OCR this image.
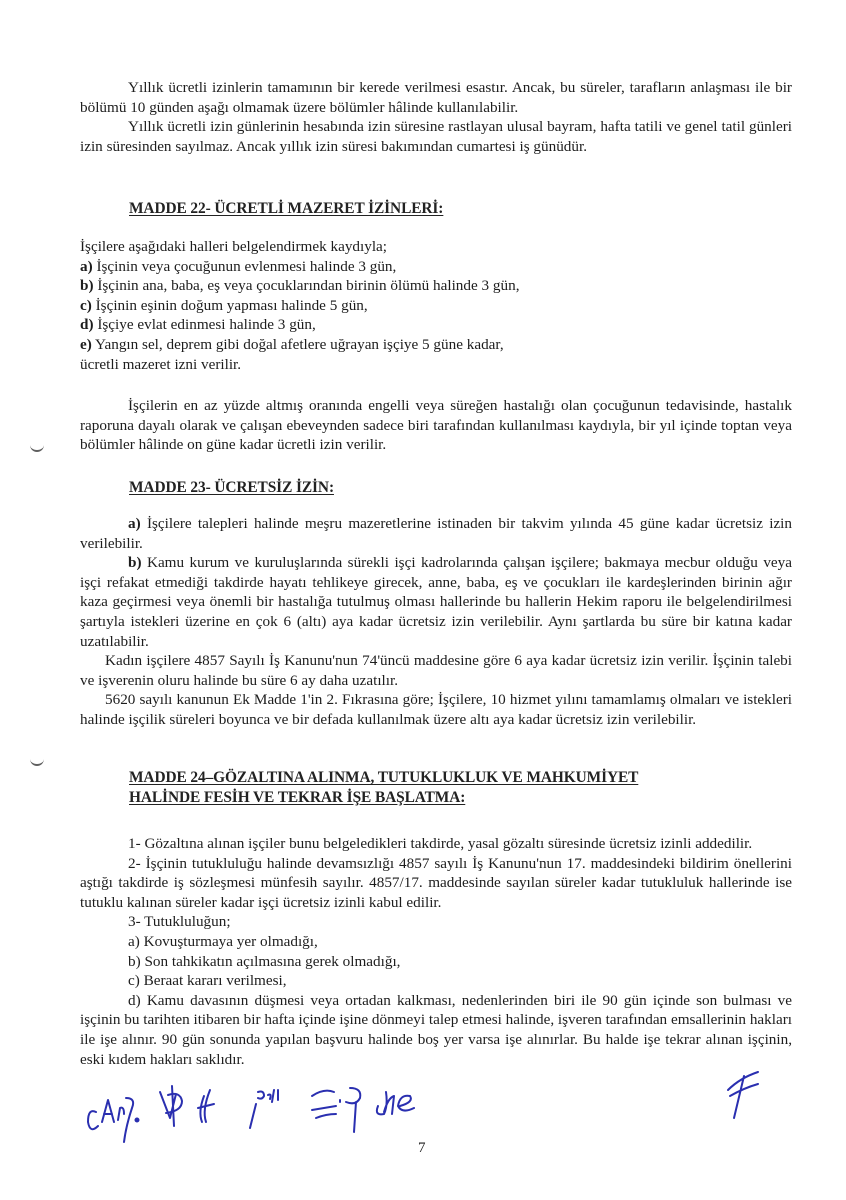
Yıllık ücretli izinlerin tamamının bir kerede verilmesi esastır. Ancak, bu süreler, tarafların anlaşması ile bir bölümü 10 günden aşağı olmamak üzere bölümler hâlinde kullanılabilir.

Yıllık ücretli izin günlerinin hesabında izin süresine rastlayan ulusal bayram, hafta tatili ve genel tatil günleri izin süresinden sayılmaz. Ancak yıllık izin süresi bakımından cumartesi iş günüdür.

MADDE 22- ÜCRETLİ MAZERET İZİNLERİ:
İşçilere aşağıdaki halleri belgelendirmek kaydıyla;
a) İşçinin veya çocuğunun evlenmesi halinde 3 gün,
b) İşçinin ana, baba, eş veya çocuklarından birinin ölümü halinde 3 gün,
c) İşçinin eşinin doğum yapması halinde 5 gün,
d) İşçiye evlat edinmesi halinde 3 gün,
e) Yangın sel, deprem gibi doğal afetlere uğrayan işçiye 5 güne kadar,
ücretli mazeret izni verilir.

İşçilerin en az yüzde altmış oranında engelli veya süreğen hastalığı olan çocuğunun tedavisinde, hastalık raporuna dayalı olarak ve çalışan ebeveynden sadece biri tarafından kullanılması kaydıyla, bir yıl içinde toptan veya bölümler hâlinde on güne kadar ücretli izin verilir.

MADDE 23- ÜCRETSİZ İZİN:

a) İşçilere talepleri halinde meşru mazeretlerine istinaden bir takvim yılında 45 güne kadar ücretsiz izin verilebilir.

b) Kamu kurum ve kuruluşlarında sürekli işçi kadrolarında çalışan işçilere; bakmaya mecbur olduğu veya işçi refakat etmediği takdirde hayatı tehlikeye girecek, anne, baba, eş ve çocukları ile kardeşlerinden birinin ağır kaza geçirmesi veya önemli bir hastalığa tutulmuş olması hallerinde bu hallerin Hekim raporu ile belgelendirilmesi şartıyla istekleri üzerine en çok 6 (altı) aya kadar ücretsiz izin verilebilir. Aynı şartlarda bu süre bir katına kadar uzatılabilir.

Kadın işçilere 4857 Sayılı İş Kanunu'nun 74'üncü maddesine göre 6 aya kadar ücretsiz izin verilir. İşçinin talebi ve işverenin oluru halinde bu süre 6 ay daha uzatılır.

5620 sayılı kanunun Ek Madde 1'in 2. Fıkrasına göre; İşçilere, 10 hizmet yılını tamamlamış olmaları ve istekleri halinde işçilik süreleri boyunca ve bir defada kullanılmak üzere altı aya kadar ücretsiz izin verilebilir.

MADDE 24–GÖZALTINA ALINMA, TUTUKLUKLUK VE MAHKUMİYET
HALİNDE FESİH VE TEKRAR İŞE BAŞLATMA:

1- Gözaltına alınan işçiler bunu belgeledikleri takdirde, yasal gözaltı süresinde ücretsiz izinli addedilir.

2- İşçinin tutukluluğu halinde devamsızlığı 4857 sayılı İş Kanunu'nun 17. maddesindeki bildirim önellerini aştığı takdirde iş sözleşmesi münfesih sayılır. 4857/17. maddesinde sayılan süreler kadar tutukluluk hallerinde ise tutuklu kalınan süreler kadar işçi ücretsiz izinli kabul edilir.

3- Tutukluluğun;

a) Kovuşturmaya yer olmadığı,

b) Son tahkikatın açılmasına gerek olmadığı,

c) Beraat kararı verilmesi,

d) Kamu davasının düşmesi veya ortadan kalkması, nedenlerinden biri ile 90 gün içinde son bulması ve işçinin bu tarihten itibaren bir hafta içinde işine dönmeyi talep etmesi halinde, işveren tarafından emsallerinin hakları ile işe alınır. 90 gün sonunda yapılan başvuru halinde boş yer varsa işe alınırlar. Bu halde işe tekrar alınan işçinin, eski kıdem hakları saklıdır.

7
